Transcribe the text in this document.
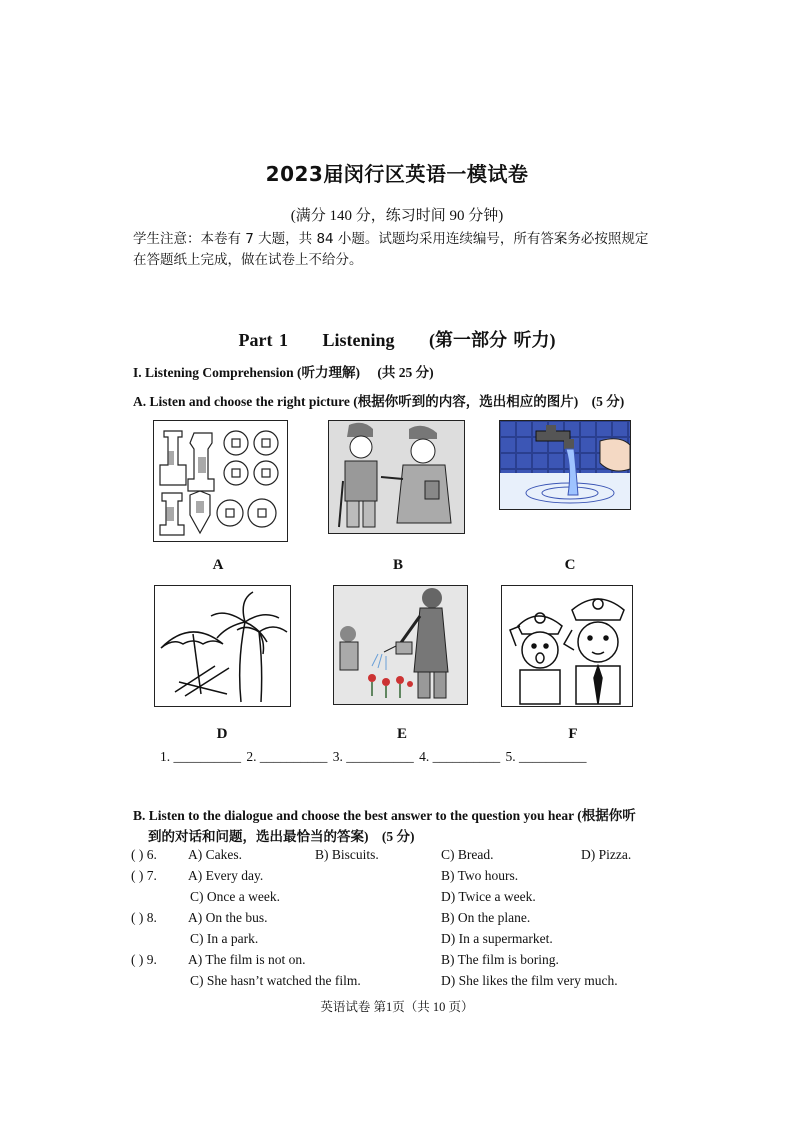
2023届闵行区英语一模试卷
(满分 140 分，练习时间 90 分钟)
学生注意：本卷有 7 大题，共 84 小题。试题均采用连续编号，所有答案务必按照规定
在答题纸上完成，做在试卷上不给分。
Part 1 Listening (第一部分 听力)
I. Listening Comprehension (听力理解) (共 25 分)
A. Listen and choose the right picture (根据你听到的内容，选出相应的图片) (5 分)
A	B	C
D	E	F
1. __________ 2. __________ 3. __________ 4. __________ 5. __________
B. Listen to the dialogue and choose the best answer to the question you hear (根据你听
到的对话和问题，选出最恰当的答案) (5 分)
( ) 6. A) Cakes.	B) Biscuits.	C) Bread.	D) Pizza.
( ) 7. A) Every day.	B) Two hours.
C) Once a week.	D) Twice a week.
( ) 8. A) On the bus.	B) On the plane.
C) In a park.	D) In a supermarket.
( ) 9. A) The film is not on.	B) The film is boring.
C) She hasn’t watched the film.	D) She likes the film very much.
英语试卷 第1页（共 10 页）
